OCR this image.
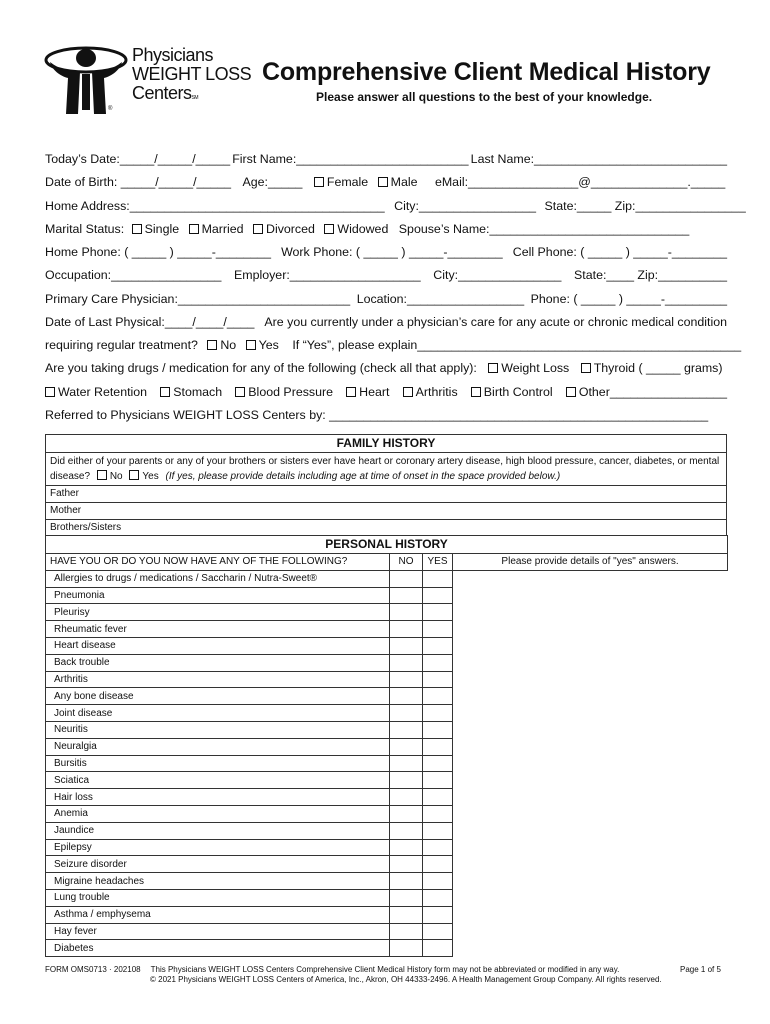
Physicians
WEIGHT LOSS
CentersSM
®
Comprehensive Client Medical History
Please answer all questions to the best of your knowledge.
Today’s Date:_____/_____/_____ First Name:_________________________ Last Name:____________________________
Date of Birth: _____/_____/_____ Age:_____ Female Male eMail:________________@______________._____
Home Address:_____________________________________ City:_________________ State:_____ Zip:________________
Marital Status: Single Married Divorced Widowed Spouse’s Name:_____________________________
Home Phone: ( _____ ) _____-________ Work Phone: ( _____ ) _____-________ Cell Phone: ( _____ ) _____-________
Occupation:________________ Employer:___________________ City:_______________ State:____ Zip:__________
Primary Care Physician:_________________________ Location:_________________ Phone: ( _____ ) _____-_________
Date of Last Physical:____/____/____ Are you currently under a physician’s care for any acute or chronic medical condition
requiring regular treatment? No Yes If “Yes”, please explain_______________________________________________
Are you taking drugs / medication for any of the following (check all that apply): Weight Loss Thyroid ( _____ grams)
Water Retention	Stomach	Blood Pressure	Heart	Arthritis	Birth Control	Other_________________
Referred to Physicians WEIGHT LOSS Centers by: _______________________________________________________
FAMILY HISTORY
Did either of your parents or any of your brothers or sisters ever have heart or coronary artery disease, high blood pressure, cancer, diabetes, or mental disease? No Yes (If yes, please provide details including age at time of onset in the space provided below.)
Father
Mother
Brothers/Sisters
PERSONAL HISTORY			
HAVE YOU OR DO YOU NOW HAVE ANY OF THE FOLLOWING?	NO	YES	Please provide details of "yes" answers.
Allergies to drugs / medications / Saccharin / Nutra-Sweet®			
Pneumonia			
Pleurisy			
Rheumatic fever			
Heart disease			
Back trouble			
Arthritis			
Any bone disease			
Joint disease			
Neuritis			
Neuralgia			
Bursitis			
Sciatica			
Hair loss			
Anemia			
Jaundice			
Epilepsy			
Seizure disorder			
Migraine headaches			
Lung trouble			
Asthma / emphysema			
Hay fever			
Diabetes			
FORM OMS0713 · 202108 This Physicians WEIGHT LOSS Centers Comprehensive Client Medical History form may not be abbreviated or modified in any way.
© 2021 Physicians WEIGHT LOSS Centers of America, Inc., Akron, OH 44333-2496. A Health Management Group Company. All rights reserved.
Page 1 of 5
